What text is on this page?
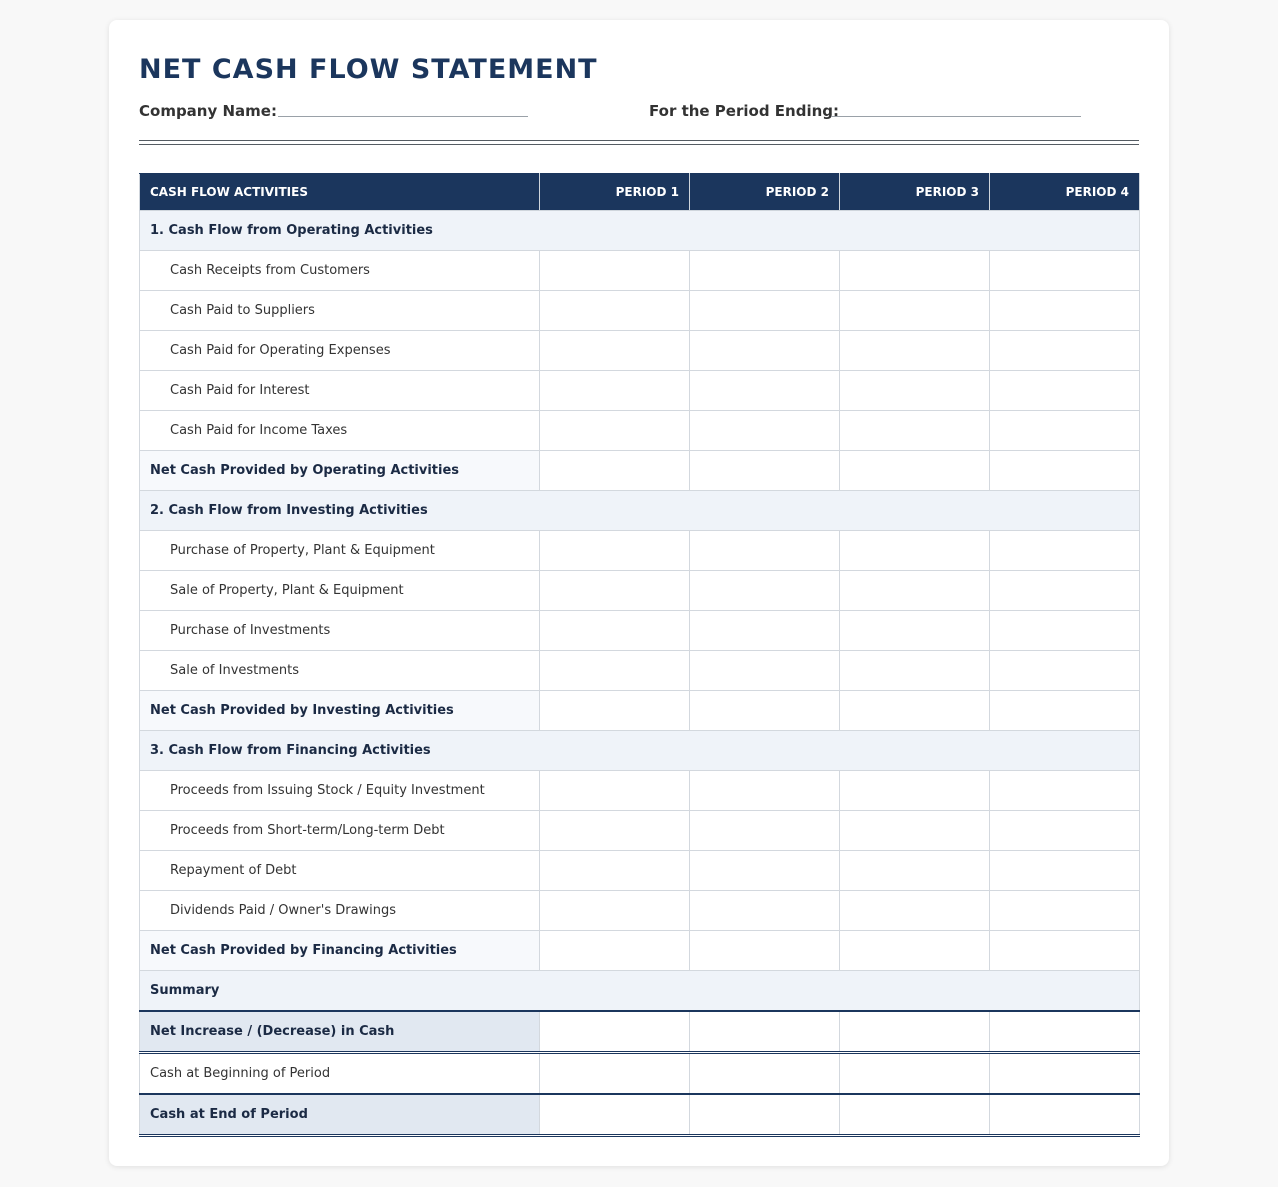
NET CASH FLOW STATEMENT
Company Name:	For the Period Ending:
CASH FLOW ACTIVITIES	PERIOD 1	PERIOD 2	PERIOD 3	PERIOD 4
1. Cash Flow from Operating Activities				
Cash Receipts from Customers				
Cash Paid to Suppliers				
Cash Paid for Operating Expenses				
Cash Paid for Interest				
Cash Paid for Income Taxes				
Net Cash Provided by Operating Activities				
2. Cash Flow from Investing Activities				
Purchase of Property, Plant & Equipment				
Sale of Property, Plant & Equipment				
Purchase of Investments				
Sale of Investments				
Net Cash Provided by Investing Activities				
3. Cash Flow from Financing Activities				
Proceeds from Issuing Stock / Equity Investment				
Proceeds from Short-term/Long-term Debt				
Repayment of Debt				
Dividends Paid / Owner's Drawings				
Net Cash Provided by Financing Activities				
Summary				
Net Increase / (Decrease) in Cash				
Cash at Beginning of Period				
Cash at End of Period				
